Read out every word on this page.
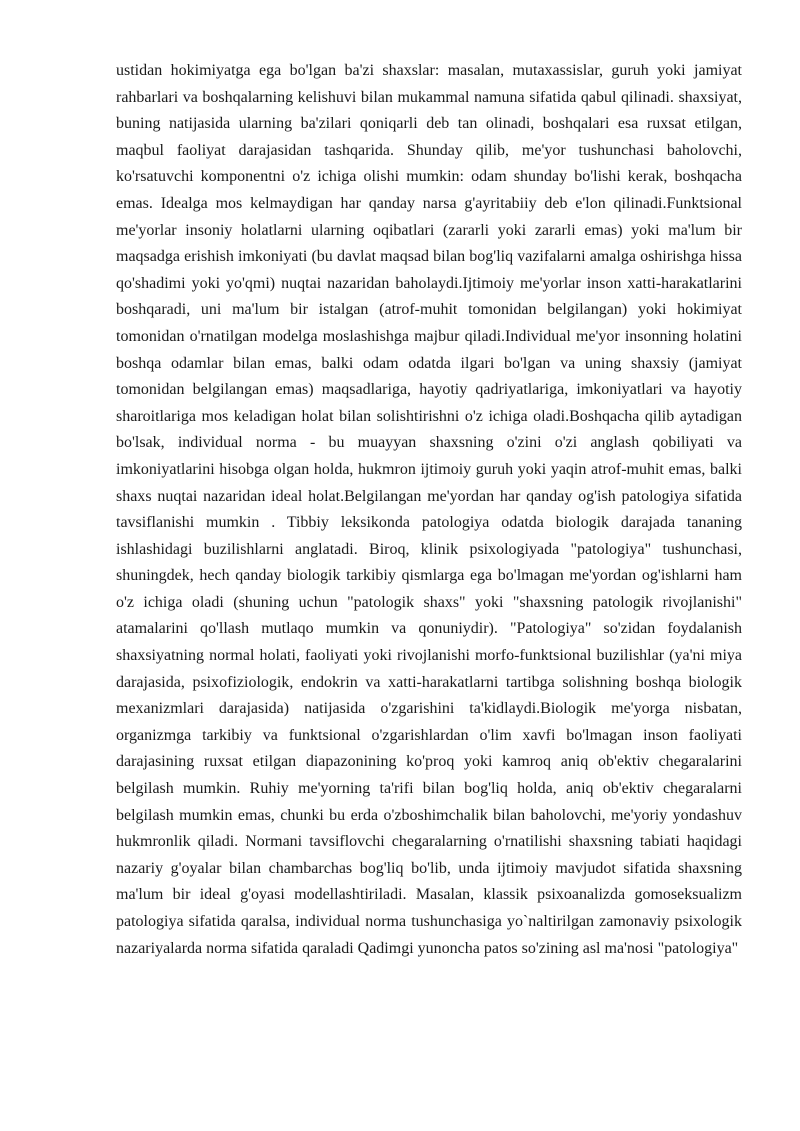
ustidan hokimiyatga ega bo'lgan ba'zi shaxslar: masalan, mutaxassislar, guruh yoki jamiyat rahbarlari va boshqalarning kelishuvi bilan mukammal namuna sifatida qabul qilinadi. shaxsiyat, buning natijasida ularning ba'zilari qoniqarli deb tan olinadi, boshqalari esa ruxsat etilgan, maqbul faoliyat darajasidan tashqarida. Shunday qilib, me'yor tushunchasi baholovchi, ko'rsatuvchi komponentni o'z ichiga olishi mumkin: odam shunday bo'lishi kerak, boshqacha emas. Idealga mos kelmaydigan har qanday narsa g'ayritabiiy deb e'lon qilinadi.Funktsional me'yorlar insoniy holatlarni ularning oqibatlari (zararli yoki zararli emas) yoki ma'lum bir maqsadga erishish imkoniyati (bu davlat maqsad bilan bog'liq vazifalarni amalga oshirishga hissa qo'shadimi yoki yo'qmi) nuqtai nazaridan baholaydi.Ijtimoiy me'yorlar inson xatti-harakatlarini boshqaradi, uni ma'lum bir istalgan (atrof-muhit tomonidan belgilangan) yoki hokimiyat tomonidan o'rnatilgan modelga moslashishga majbur qiladi.Individual me'yor insonning holatini boshqa odamlar bilan emas, balki odam odatda ilgari bo'lgan va uning shaxsiy (jamiyat tomonidan belgilangan emas) maqsadlariga, hayotiy qadriyatlariga, imkoniyatlari va hayotiy sharoitlariga mos keladigan holat bilan solishtirishni o'z ichiga oladi.Boshqacha qilib aytadigan bo'lsak, individual norma - bu muayyan shaxsning o'zini o'zi anglash qobiliyati va imkoniyatlarini hisobga olgan holda, hukmron ijtimoiy guruh yoki yaqin atrof-muhit emas, balki shaxs nuqtai nazaridan ideal holat.Belgilangan me'yordan har qanday og'ish patologiya sifatida tavsiflanishi mumkin . Tibbiy leksikonda patologiya odatda biologik darajada tananing ishlashidagi buzilishlarni anglatadi. Biroq, klinik psixologiyada "patologiya" tushunchasi, shuningdek, hech qanday biologik tarkibiy qismlarga ega bo'lmagan me'yordan og'ishlarni ham o'z ichiga oladi (shuning uchun "patologik shaxs" yoki "shaxsning patologik rivojlanishi" atamalarini qo'llash mutlaqo mumkin va qonuniydir). "Patologiya" so'zidan foydalanish shaxsiyatning normal holati, faoliyati yoki rivojlanishi morfo-funktsional buzilishlar (ya'ni miya darajasida, psixofiziologik, endokrin va xatti-harakatlarni tartibga solishning boshqa biologik mexanizmlari darajasida) natijasida o'zgarishini ta'kidlaydi.Biologik me'yorga nisbatan, organizmga tarkibiy va funktsional o'zgarishlardan o'lim xavfi bo'lmagan inson faoliyati darajasining ruxsat etilgan diapazonining ko'proq yoki kamroq aniq ob'ektiv chegaralarini belgilash mumkin. Ruhiy me'yorning ta'rifi bilan bog'liq holda, aniq ob'ektiv chegaralarni belgilash mumkin emas, chunki bu erda o'zboshimchalik bilan baholovchi, me'yoriy yondashuv hukmronlik qiladi. Normani tavsiflovchi chegaralarning o'rnatilishi shaxsning tabiati haqidagi nazariy g'oyalar bilan chambarchas bog'liq bo'lib, unda ijtimoiy mavjudot sifatida shaxsning ma'lum bir ideal g'oyasi modellashtiriladi. Masalan, klassik psixoanalizda gomoseksualizm patologiya sifatida qaralsa, individual norma tushunchasiga yo`naltirilgan zamonaviy psixologik nazariyalarda norma sifatida qaraladi Qadimgi yunoncha patos so'zining asl ma'nosi "patologiya"
